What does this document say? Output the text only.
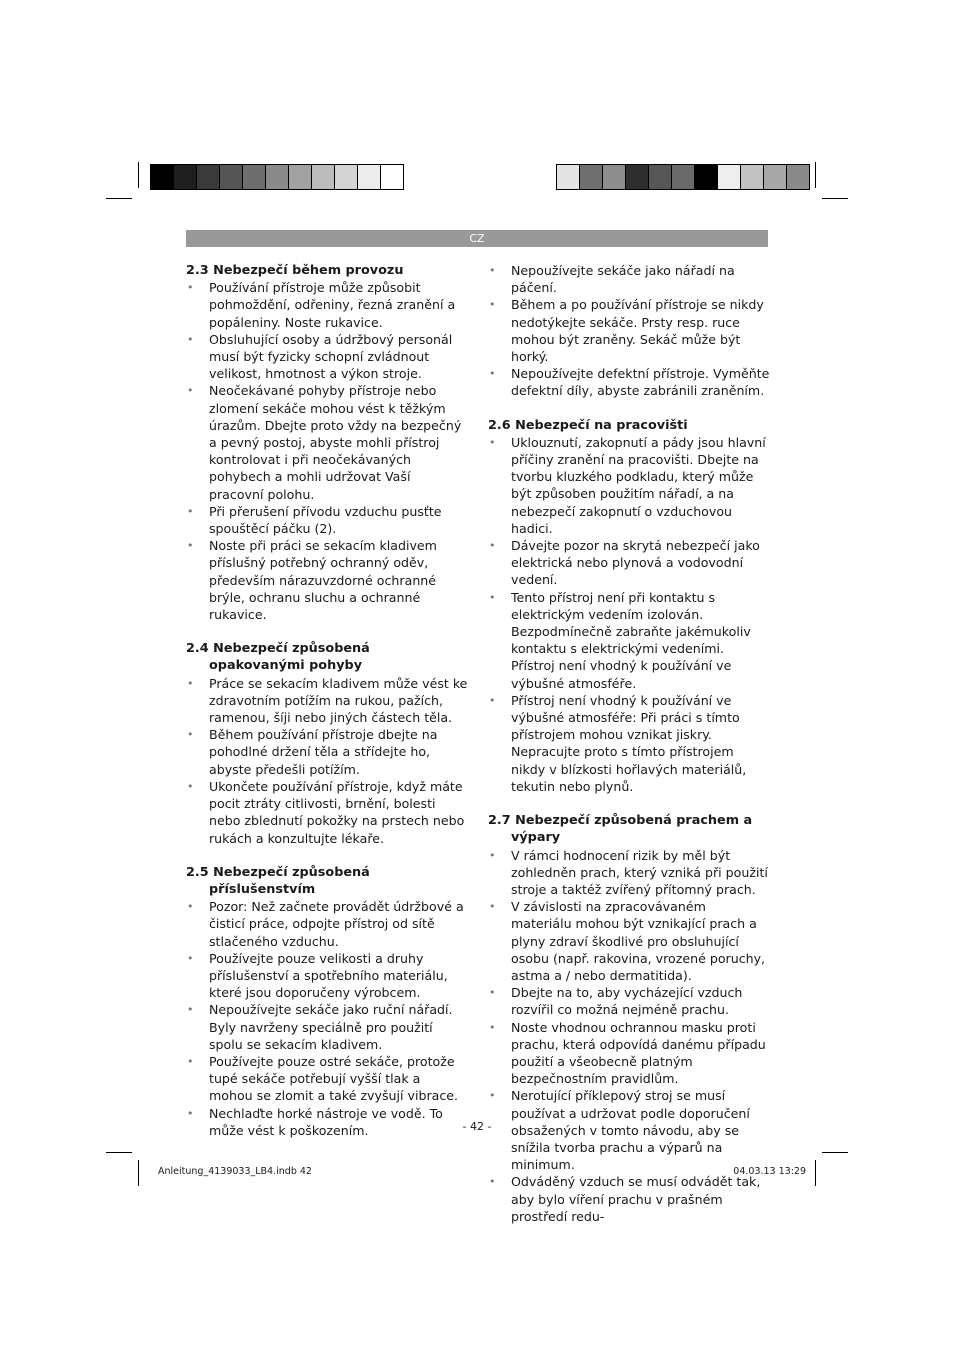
CZ
2.3 Nebezpečí během provozu
• Používání přístroje může způsobit pohmoždění, odřeniny, řezná zranění a popáleniny. Noste rukavice.
• Obsluhující osoby a údržbový personál musí být fyzicky schopní zvládnout velikost, hmotnost a výkon stroje.
• Neočekávané pohyby přístroje nebo zlomení sekáče mohou vést k těžkým úrazům. Dbejte proto vždy na bezpečný a pevný postoj, abyste mohli přístroj kontrolovat i při neočekávaných pohybech a mohli udržovat Vaší pracovní polohu.
• Při přerušení přívodu vzduchu pusťte spouštěcí páčku (2).
• Noste při práci se sekacím kladivem příslušný potřebný ochranný oděv, především nárazuvzdorné ochranné brýle, ochranu sluchu a ochranné rukavice.
2.4 Nebezpečí způsobená opakovanými pohyby
• Práce se sekacím kladivem může vést ke zdravotním potížím na rukou, pažích, ramenou, šíji nebo jiných částech těla.
• Během používání přístroje dbejte na pohodlné držení těla a střídejte ho, abyste předešli potížím.
• Ukončete používání přístroje, když máte pocit ztráty citlivosti, brnění, bolesti nebo zblednutí pokožky na prstech nebo rukách a konzultujte lékaře.
2.5 Nebezpečí způsobená příslušenstvím
• Pozor: Než začnete provádět údržbové a čisticí práce, odpojte přístroj od sítě stlačeného vzduchu.
• Používejte pouze velikosti a druhy příslušenství a spotřebního materiálu, které jsou doporučeny výrobcem.
• Nepoužívejte sekáče jako ruční nářadí. Byly navrženy speciálně pro použití spolu se sekacím kladivem.
• Používejte pouze ostré sekáče, protože tupé sekáče potřebují vyšší tlak a mohou se zlomit a také zvyšují vibrace.
• Nechlaďte horké nástroje ve vodě. To může vést k poškozením.
• Nepoužívejte sekáče jako nářadí na páčení.
• Během a po používání přístroje se nikdy nedotýkejte sekáče. Prsty resp. ruce mohou být zraněny. Sekáč může být horký.
• Nepoužívejte defektní přístroje. Vyměňte defektní díly, abyste zabránili zraněním.
2.6 Nebezpečí na pracovišti
• Uklouznutí, zakopnutí a pády jsou hlavní příčiny zranění na pracovišti. Dbejte na tvorbu kluzkého podkladu, který může být způsoben použitím nářadí, a na nebezpečí zakopnutí o vzduchovou hadici.
• Dávejte pozor na skrytá nebezpečí jako elektrická nebo plynová a vodovodní vedení.
• Tento přístroj není při kontaktu s elektrickým vedením izolován. Bezpodmínečně zabraňte jakémukoliv kontaktu s elektrickými vedeními. Přístroj není vhodný k používání ve výbušné atmosféře.
• Přístroj není vhodný k používání ve výbušné atmosféře: Při práci s tímto přístrojem mohou vznikat jiskry. Nepracujte proto s tímto přístrojem nikdy v blízkosti hořlavých materiálů, tekutin nebo plynů.
2.7 Nebezpečí způsobená prachem a výpary
• V rámci hodnocení rizik by měl být zohledněn prach, který vzniká při použití stroje a taktéž zvířený přítomný prach.
• V závislosti na zpracovávaném materiálu mohou být vznikající prach a plyny zdraví škodlivé pro obsluhující osobu (např. rakovina, vrozené poruchy, astma a / nebo dermatitida).
• Dbejte na to, aby vycházející vzduch rozvířil co možná nejméně prachu.
• Noste vhodnou ochrannou masku proti prachu, která odpovídá danému případu použití a všeobecně platným bezpečnostním pravidlům.
• Nerotující příklepový stroj se musí používat a udržovat podle doporučení obsažených v tomto návodu, aby se snížila tvorba prachu a výparů na minimum.
• Odváděný vzduch se musí odvádět tak, aby bylo víření prachu v prašném prostředí redu-
- 42 -
Anleitung_4139033_LB4.indb 42	04.03.13 13:29
